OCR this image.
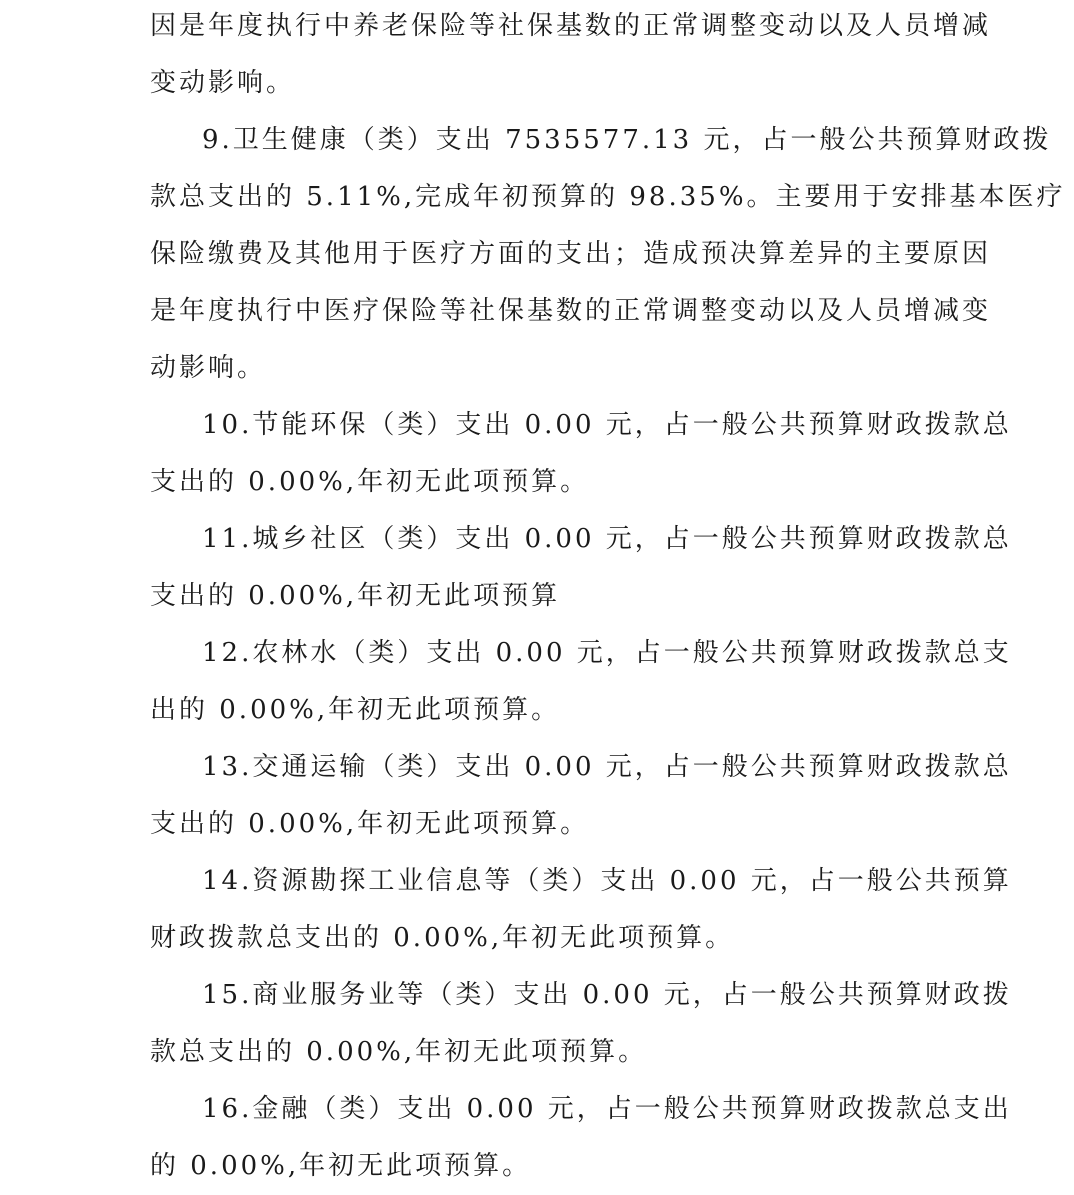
因是年度执行中养老保险等社保基数的正常调整变动以及人员增减
变动影响。
9.卫生健康（类）支出 7535577.13 元，占一般公共预算财政拨
款总支出的 5.11%,完成年初预算的 98.35%。主要用于安排基本医疗
保险缴费及其他用于医疗方面的支出；造成预决算差异的主要原因
是年度执行中医疗保险等社保基数的正常调整变动以及人员增减变
动影响。
10.节能环保（类）支出 0.00 元，占一般公共预算财政拨款总
支出的 0.00%,年初无此项预算。
11.城乡社区（类）支出 0.00 元，占一般公共预算财政拨款总
支出的 0.00%,年初无此项预算
12.农林水（类）支出 0.00 元，占一般公共预算财政拨款总支
出的 0.00%,年初无此项预算。
13.交通运输（类）支出 0.00 元，占一般公共预算财政拨款总
支出的 0.00%,年初无此项预算。
14.资源勘探工业信息等（类）支出 0.00 元，占一般公共预算
财政拨款总支出的 0.00%,年初无此项预算。
15.商业服务业等（类）支出 0.00 元，占一般公共预算财政拨
款总支出的 0.00%,年初无此项预算。
16.金融（类）支出 0.00 元，占一般公共预算财政拨款总支出
的 0.00%,年初无此项预算。
